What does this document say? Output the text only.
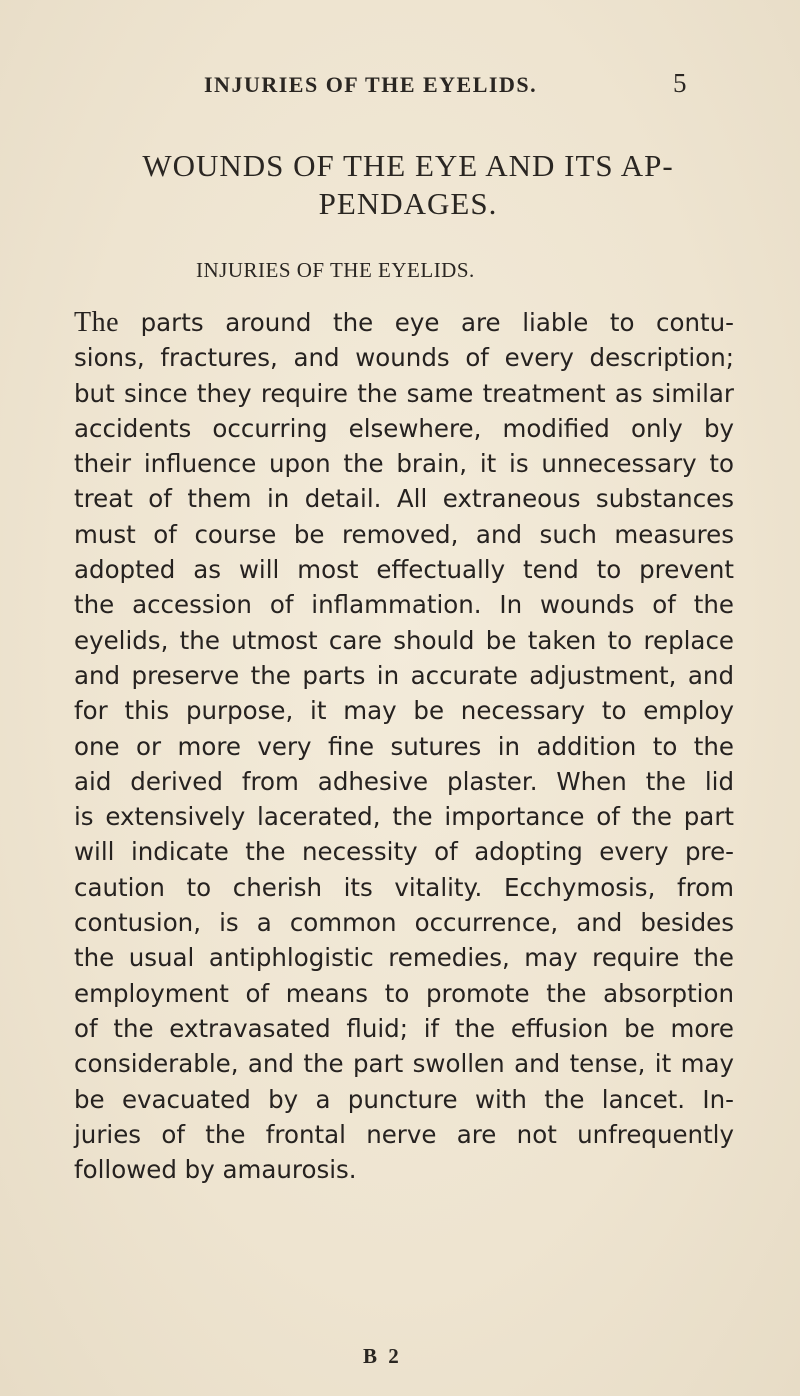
INJURIES OF THE EYELIDS.	5
WOUNDS OF THE EYE AND ITS AP-
PENDAGES.
INJURIES OF THE EYELIDS.
The parts around the eye are liable to contu-
sions, fractures, and wounds of every description;
but since they require the same treatment as similar
accidents occurring elsewhere, modified only by
their influence upon the brain, it is unnecessary to
treat of them in detail. All extraneous substances
must of course be removed, and such measures
adopted as will most effectually tend to prevent
the accession of inflammation. In wounds of the
eyelids, the utmost care should be taken to replace
and preserve the parts in accurate adjustment, and
for this purpose, it may be necessary to employ
one or more very fine sutures in addition to the
aid derived from adhesive plaster. When the lid
is extensively lacerated, the importance of the part
will indicate the necessity of adopting every pre-
caution to cherish its vitality. Ecchymosis, from
contusion, is a common occurrence, and besides
the usual antiphlogistic remedies, may require the
employment of means to promote the absorption
of the extravasated fluid; if the effusion be more
considerable, and the part swollen and tense, it may
be evacuated by a puncture with the lancet. In-
juries of the frontal nerve are not unfrequently
followed by amaurosis.
B 2
